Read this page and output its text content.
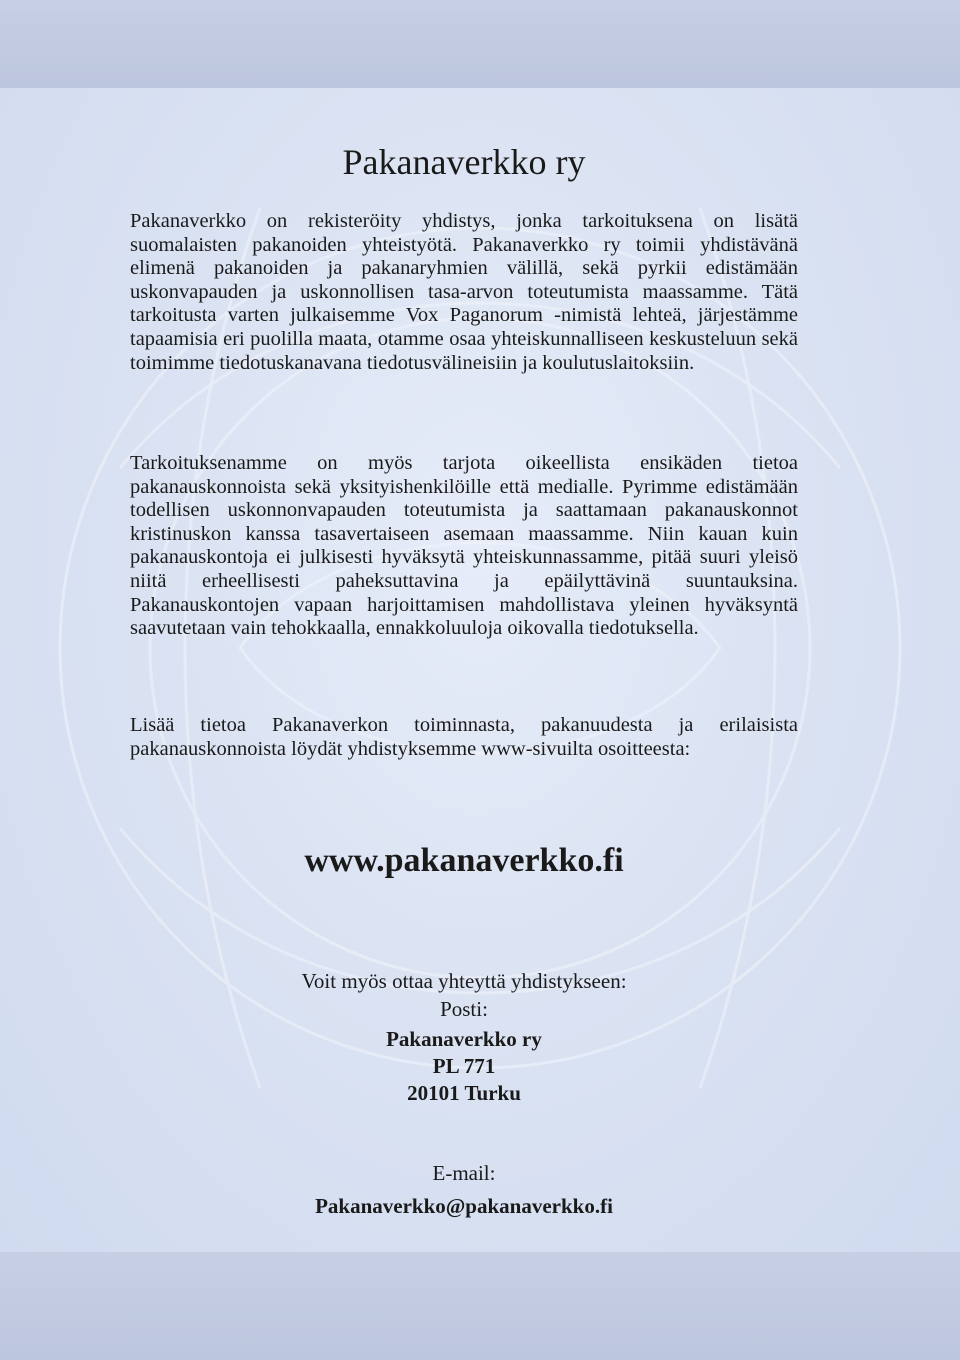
Pakanaverkko ry

Pakanaverkko on rekisteröity yhdistys, jonka tarkoituksena on lisätä suomalaisten pakanoiden yhteistyötä. Pakanaverkko ry toimii yhdistävänä elimenä pakanoiden ja pakanaryhmien välillä, sekä pyrkii edistämään uskonvapauden ja uskonnollisen tasa-arvon toteutumista maassamme. Tätä tarkoitusta varten julkaisemme Vox Paganorum -nimistä lehteä, järjestämme tapaamisia eri puolilla maata, otamme osaa yhteiskunnalliseen keskusteluun sekä toimimme tiedotuskanavana tiedotusvälineisiin ja koulutuslaitoksiin.

Tarkoituksenamme on myös tarjota oikeellista ensikäden tietoa pakanauskonnoista sekä yksityishenkilöille että medialle. Pyrimme edistämään todellisen uskonnonvapauden toteutumista ja saattamaan pakanauskonnot kristinuskon kanssa tasavertaiseen asemaan maassamme. Niin kauan kuin pakanauskontoja ei julkisesti hyväksytä yhteiskunnassamme, pitää suuri yleisö niitä erheellisesti paheksuttavina ja epäilyttävinä suuntauksina. Pakanauskontojen vapaan harjoittamisen mahdollistava yleinen hyväksyntä saavutetaan vain tehokkaalla, ennakkoluuloja oikovalla tiedotuksella.

Lisää tietoa Pakanaverkon toiminnasta, pakanuudesta ja erilaisista pakanauskonnoista löydät yhdistyksemme www-sivuilta osoitteesta:

www.pakanaverkko.fi
Voit myös ottaa yhteyttä yhdistykseen:
Posti:
Pakanaverkko ry
PL 771
20101 Turku
E-mail:
Pakanaverkko@pakanaverkko.fi
